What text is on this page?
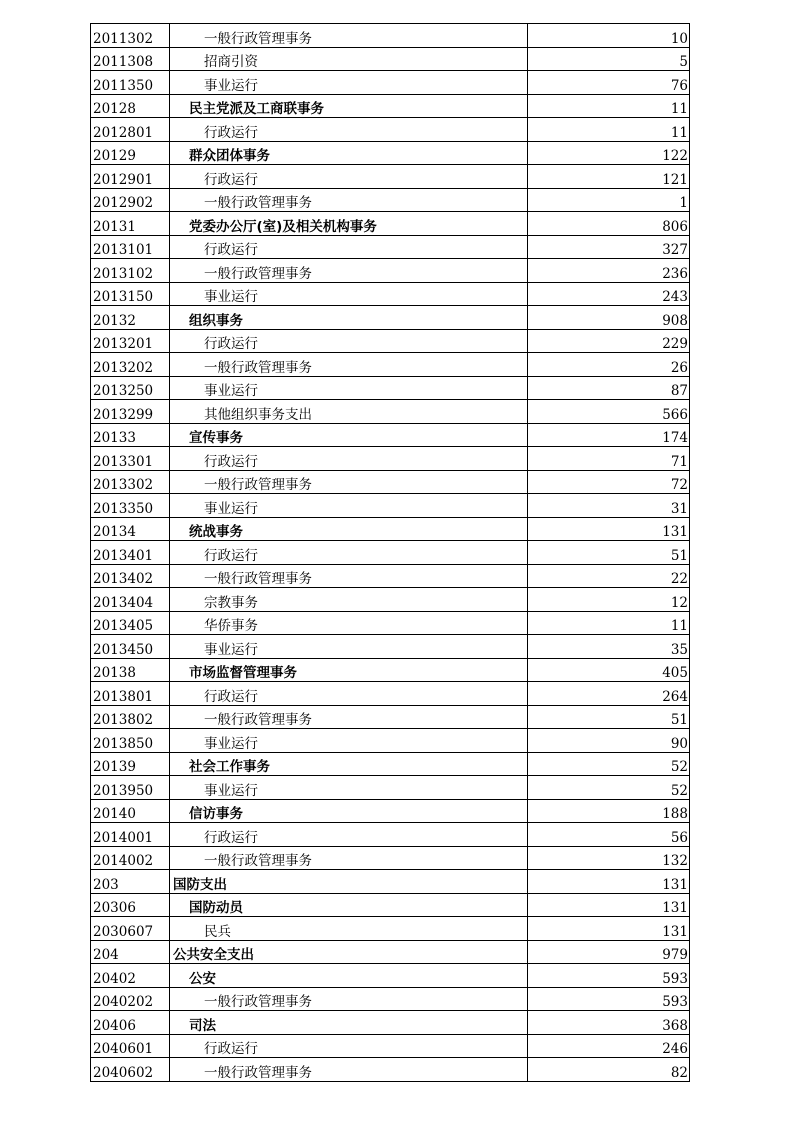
2011302	一般行政管理事务	10
2011308	招商引资	5
2011350	事业运行	76
20128	民主党派及工商联事务	11
2012801	行政运行	11
20129	群众团体事务	122
2012901	行政运行	121
2012902	一般行政管理事务	1
20131	党委办公厅(室)及相关机构事务	806
2013101	行政运行	327
2013102	一般行政管理事务	236
2013150	事业运行	243
20132	组织事务	908
2013201	行政运行	229
2013202	一般行政管理事务	26
2013250	事业运行	87
2013299	其他组织事务支出	566
20133	宣传事务	174
2013301	行政运行	71
2013302	一般行政管理事务	72
2013350	事业运行	31
20134	统战事务	131
2013401	行政运行	51
2013402	一般行政管理事务	22
2013404	宗教事务	12
2013405	华侨事务	11
2013450	事业运行	35
20138	市场监督管理事务	405
2013801	行政运行	264
2013802	一般行政管理事务	51
2013850	事业运行	90
20139	社会工作事务	52
2013950	事业运行	52
20140	信访事务	188
2014001	行政运行	56
2014002	一般行政管理事务	132
203	国防支出	131
20306	国防动员	131
2030607	民兵	131
204	公共安全支出	979
20402	公安	593
2040202	一般行政管理事务	593
20406	司法	368
2040601	行政运行	246
2040602	一般行政管理事务	82
